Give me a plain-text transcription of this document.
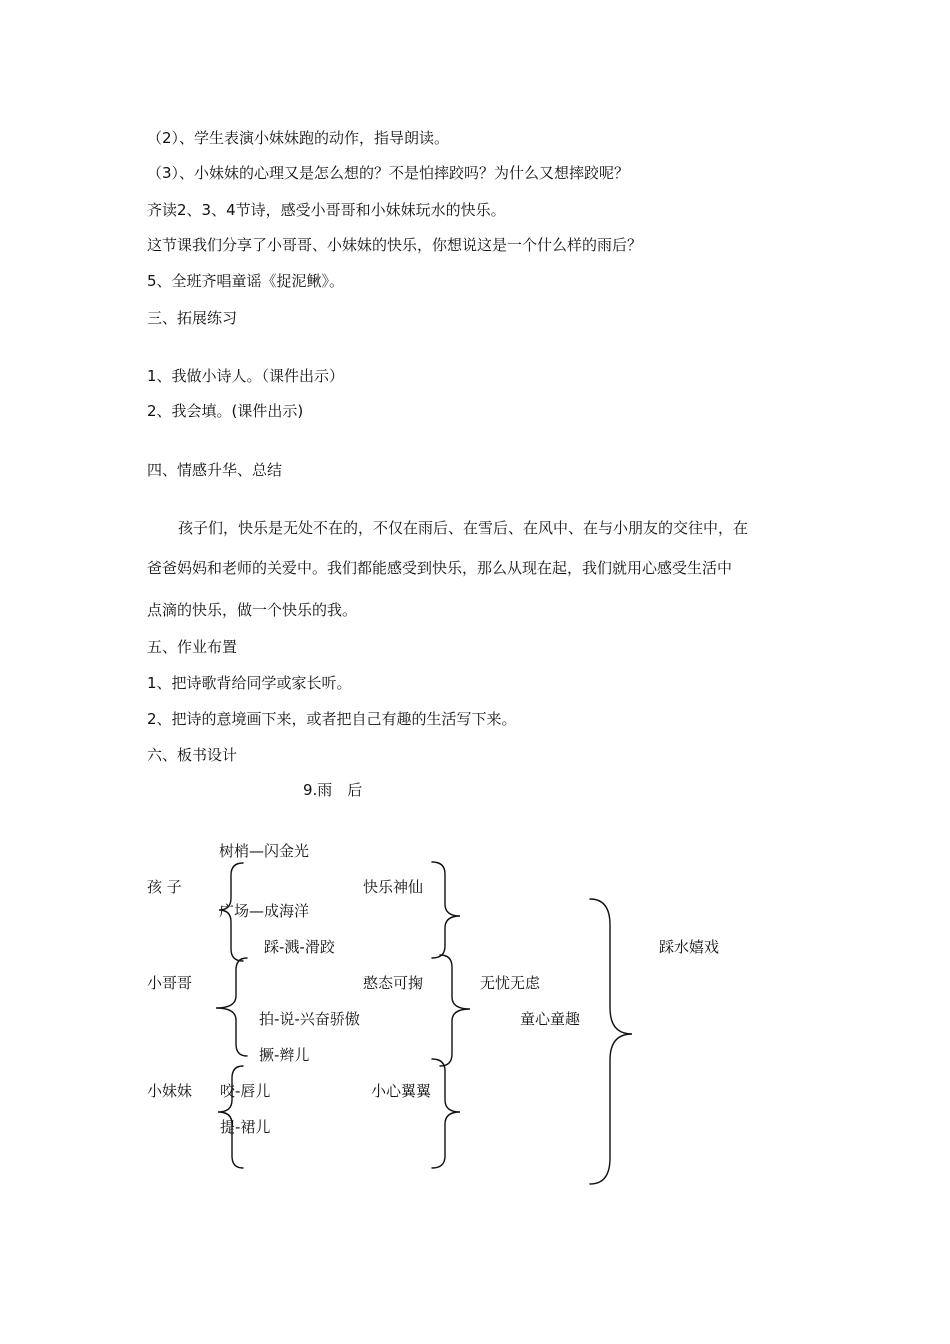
（2）、学生表演小妹妹跑的动作，指导朗读。
（3）、小妹妹的心理又是怎么想的？不是怕摔跤吗？为什么又想摔跤呢？
齐读2、3、4节诗，感受小哥哥和小妹妹玩水的快乐。
这节课我们分享了小哥哥、小妹妹的快乐，你想说这是一个什么样的雨后？
5、全班齐唱童谣《捉泥鳅》。
三、拓展练习
1、我做小诗人。（课件出示）
2、我会填。(课件出示)
四、情感升华、总结
孩子们，快乐是无处不在的，不仅在雨后、在雪后、在风中、在与小朋友的交往中，在
爸爸妈妈和老师的关爱中。我们都能感受到快乐，那么从现在起，我们就用心感受生活中
点滴的快乐，做一个快乐的我。
五、作业布置
1、把诗歌背给同学或家长听。
2、把诗的意境画下来，或者把自己有趣的生活写下来。
六、板书设计
9.雨　后
树梢—闪金光
孩 子	快乐神仙
广场—成海洋
踩-溅-滑跤	踩水嬉戏
小哥哥	憨态可掬	无忧无虑
拍-说-兴奋骄傲	童心童趣
撅-辫儿
小妹妹 咬-唇儿	小心翼翼
提-裙儿
